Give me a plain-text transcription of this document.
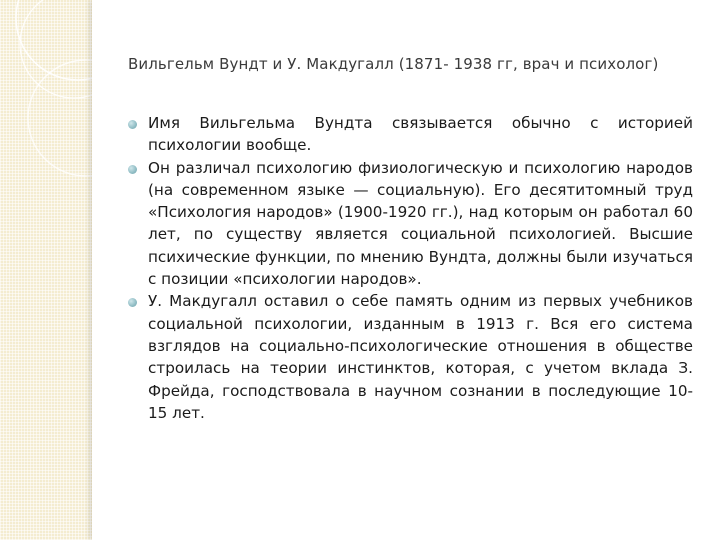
Вильгельм Вундт и У. Макдугалл (1871- 1938 гг, врач и психолог)
Имя Вильгельма Вундта связывается обычно с историей психологии вообще.
Он различал психологию физиологическую и психологию народов (на современном языке — социальную). Его десятитомный труд «Психология народов» (1900-1920 гг.), над которым он работал 60 лет, по существу является социальной психологией. Высшие психические функции, по мнению Вундта, должны были изучаться с позиции «психологии народов».
У. Макдугалл оставил о себе память одним из первых учебников социальной психологии, изданным в 1913 г. Вся его система взглядов на социально-психологические отношения в обществе строилась на теории инстинктов, которая, с учетом вклада З. Фрейда, господствовала в научном сознании в последующие 10-15 лет.
